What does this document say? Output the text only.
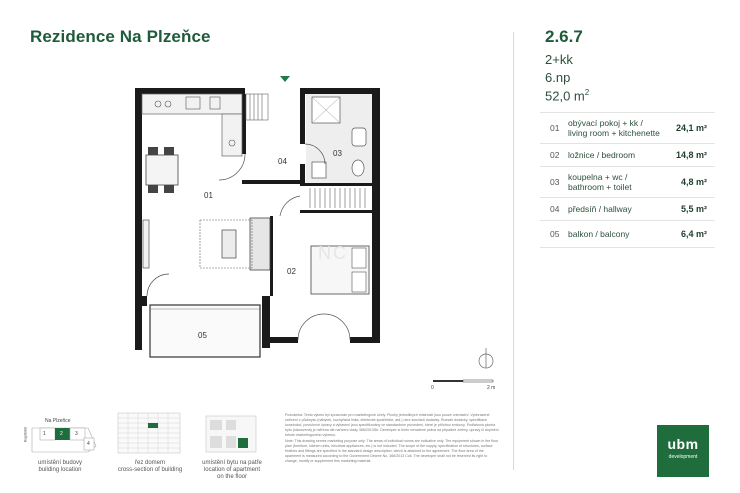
Rezidence Na Plzeňce	2.6.7
2+kk
6.np
52,0 $m^2$
01 obývací pokoj + kk /
living room + kitchenette 24,1 m²
02 ložnice / bedroom	14,8 m²
03 koupelna + wc /
bathroom + toilet	4,8 m²
04 předsíň / hallway	5,5 m²
05 balkon / balcony	6,4 m²
01
02
03
04
05
NC
0	2 m
Na Plzeňce
Kapitolní	1	2 3
4
umístění budovy
building location
řez domem
cross-section of building
umístění bytu na patře
location of apartment
on the floor

Poznámka: Tento výkres byl zpracován pro marketingové účely. Plochy jednotlivých místností jsou pouze orientační. Vyobrazené zařízení v půdorysu (nábytek, kuchyňská linka, elektrické spotřebiče, atd.) není součástí dodávky. Rozsah dodávky, specifikace konstrukcí, povrchové úpravy a vybavení jsou specifikovány ve standardním provedení, které je přílohou smlouvy. Podlahová plocha bytu (stanovená) je měřena dle nařízení vlády 366/2013Sb. Developer si tímto nevadené práva na případné změny, úpravy či doplnění tohoto marketingového výkresu.

Note: This drawing serves marketing purpose only. The areas of individual rooms are indicative only. The equipment shown in the floor plan (furniture, kitchen units, electrical appliances, etc.) is not included. The scope of the supply, specification of structures, surface finishes and fittings are specified in the standard design description, which is attached to the agreement. The floor area of the apartment is measured according to the Government Decree No. 366/2013 Coll. The developer shall not be reserved its right to change, modify or supplement this marketing material.

ubm
development
